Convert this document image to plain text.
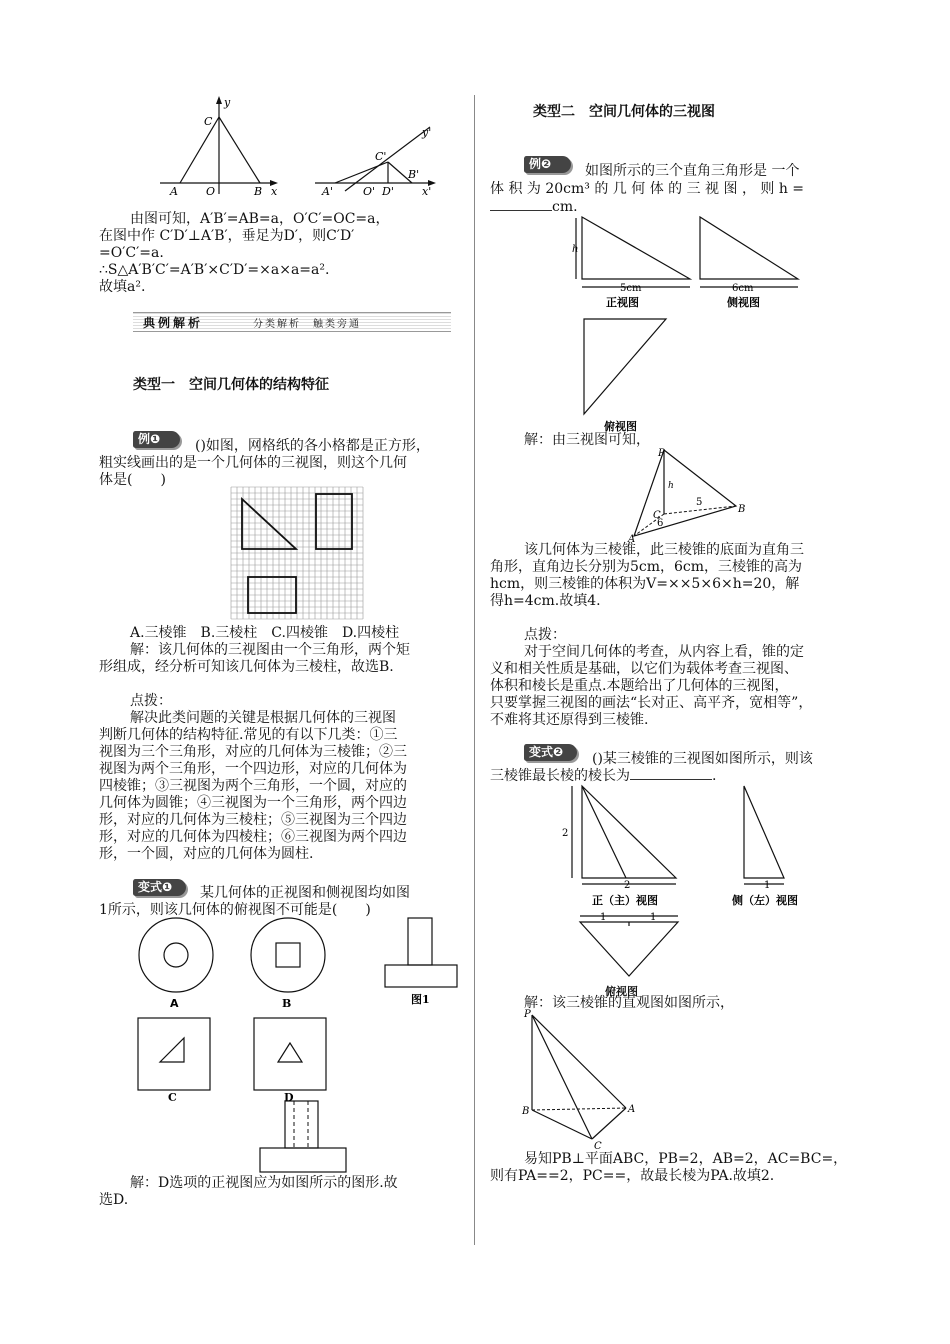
y
C
A	O	B x
y'
C'
A'	O' D'
B'
x'
由图可知，A′B′=AB=a，O′C′=OC=a，
在图中作 C′D′⊥A′B′，垂足为D′，则C′D′
=O′C′=a.
∴S△A′B′C′=A′B′×C′D′=×a×a=a².
故填a².
典例解析	分类解析　触类旁通
类型一　空间几何体的结构特征
例❶	()如图，网格纸的各小格都是正方形，
粗实线画出的是一个几何体的三视图，则这个几何
体是(　　)
A.三棱锥　B.三棱柱　C.四棱锥　D.四棱柱
解：该几何体的三视图由一个三角形，两个矩
形组成，经分析可知该几何体为三棱柱，故选B.
点拨：
解决此类问题的关键是根据几何体的三视图
判断几何体的结构特征.常见的有以下几类：①三
视图为三个三角形，对应的几何体为三棱锥；②三
视图为两个三角形，一个四边形，对应的几何体为
四棱锥；③三视图为两个三角形，一个圆，对应的
几何体为圆锥；④三视图为一个三角形，两个四边
形，对应的几何体为三棱柱；⑤三视图为三个四边
形，对应的几何体为四棱柱；⑥三视图为两个四边
形，一个圆，对应的几何体为圆柱.
变式❶	某几何体的正视图和侧视图均如图
1所示，则该几何体的俯视图不可能是(　　)
A	B	图1
C	D
解：D选项的正视图应为如图所示的图形.故
选D.
类型二　空间几何体的三视图
例❷	如图所示的三个直角三角形是 一个
体 积 为 20cm³ 的 几 何 体 的 三 视 图 ， 则 h =
cm.
h
5cm	6cm
正视图	侧视图
俯视图
解：由三视图可知，
P
h
5
C
6
A
B
该几何体为三棱锥，此三棱锥的底面为直角三
角形，直角边长分别为5cm，6cm，三棱锥的高为
hcm，则三棱锥的体积为V=××5×6×h=20，解
得h=4cm.故填4.
点拨：
对于空间几何体的考查，从内容上看，锥的定
义和相关性质是基础，以它们为载体考查三视图、
体积和棱长是重点.本题给出了几何体的三视图，
只要掌握三视图的画法“长对正、高平齐，宽相等”，
不难将其还原得到三棱锥.
变式❷	()某三棱锥的三视图如图所示，则该
三棱锥最长棱的棱长为	.
2
2	1
1	1
正（主）视图	侧（左）视图
俯视图
解：该三棱锥的直观图如图所示，
P
B	A
C
易知PB⊥平面ABC，PB=2，AB=2，AC=BC=，
则有PA==2，PC==，故最长棱为PA.故填2.
